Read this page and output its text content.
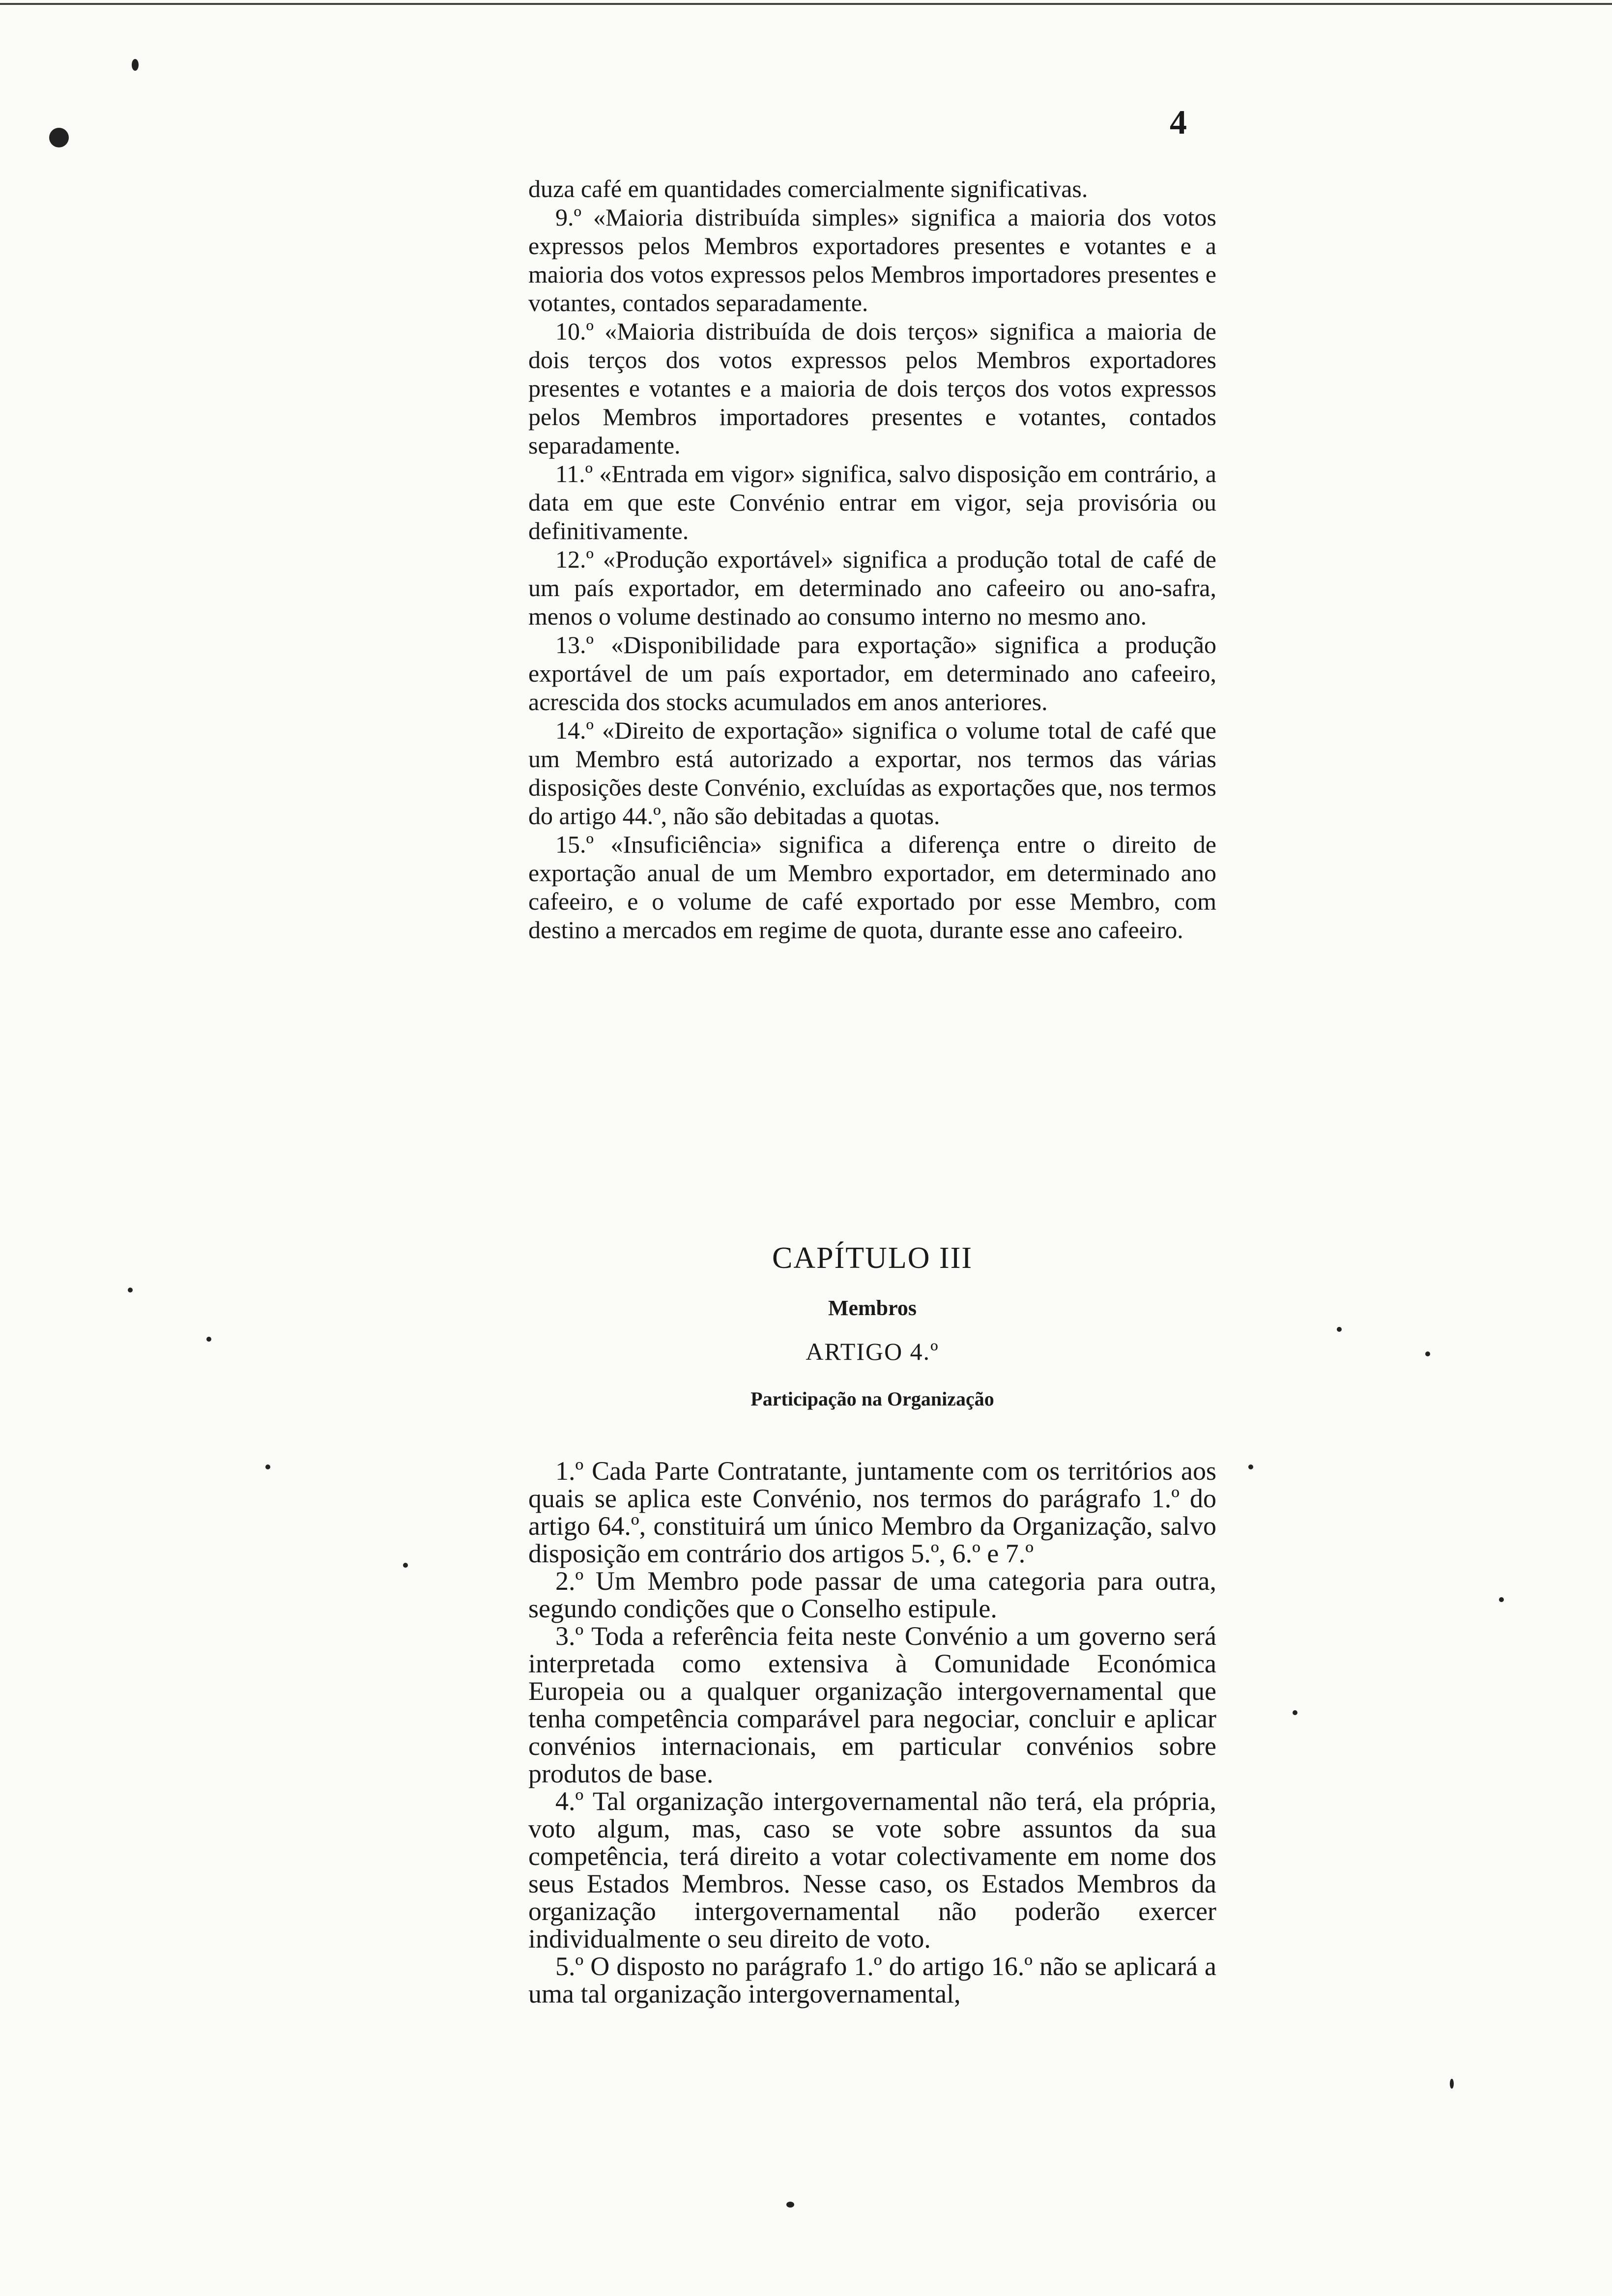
4

duza café em quantidades comercialmente significativas.

9.º «Maioria distribuída simples» significa a maioria dos votos expressos pelos Membros exportadores presentes e votantes e a maioria dos votos expressos pelos Membros importadores presentes e votantes, contados separadamente.

10.º «Maioria distribuída de dois terços» significa a maioria de dois terços dos votos expressos pelos Membros exportadores presentes e votantes e a maioria de dois terços dos votos expressos pelos Membros importadores presentes e votantes, contados separadamente.

11.º «Entrada em vigor» significa, salvo disposição em contrário, a data em que este Convénio entrar em vigor, seja provisória ou definitivamente.

12.º «Produção exportável» significa a produção total de café de um país exportador, em determinado ano cafeeiro ou ano-safra, menos o volume destinado ao consumo interno no mesmo ano.

13.º «Disponibilidade para exportação» significa a produção exportável de um país exportador, em determinado ano cafeeiro, acrescida dos stocks acumulados em anos anteriores.

14.º «Direito de exportação» significa o volume total de café que um Membro está autorizado a exportar, nos termos das várias disposições deste Convénio, excluídas as exportações que, nos termos do artigo 44.º, não são debitadas a quotas.

15.º «Insuficiência» significa a diferença entre o direito de exportação anual de um Membro exportador, em determinado ano cafeeiro, e o volume de café exportado por esse Membro, com destino a mercados em regime de quota, durante esse ano cafeeiro.

CAPÍTULO III

Membros

ARTIGO 4.º

Participação na Organização

1.º Cada Parte Contratante, juntamente com os territórios aos quais se aplica este Convénio, nos termos do parágrafo 1.º do artigo 64.º, constituirá um único Membro da Organização, salvo disposição em contrário dos artigos 5.º, 6.º e 7.º

2.º Um Membro pode passar de uma categoria para outra, segundo condições que o Conselho estipule.

3.º Toda a referência feita neste Convénio a um governo será interpretada como extensiva à Comunidade Económica Europeia ou a qualquer organização intergovernamental que tenha competência comparável para negociar, concluir e aplicar convénios internacionais, em particular convénios sobre produtos de base.

4.º Tal organização intergovernamental não terá, ela própria, voto algum, mas, caso se vote sobre assuntos da sua competência, terá direito a votar colectivamente em nome dos seus Estados Membros. Nesse caso, os Estados Membros da organização intergovernamental não poderão exercer individualmente o seu direito de voto.

5.º O disposto no parágrafo 1.º do artigo 16.º não se aplicará a uma tal organização intergovernamental,
